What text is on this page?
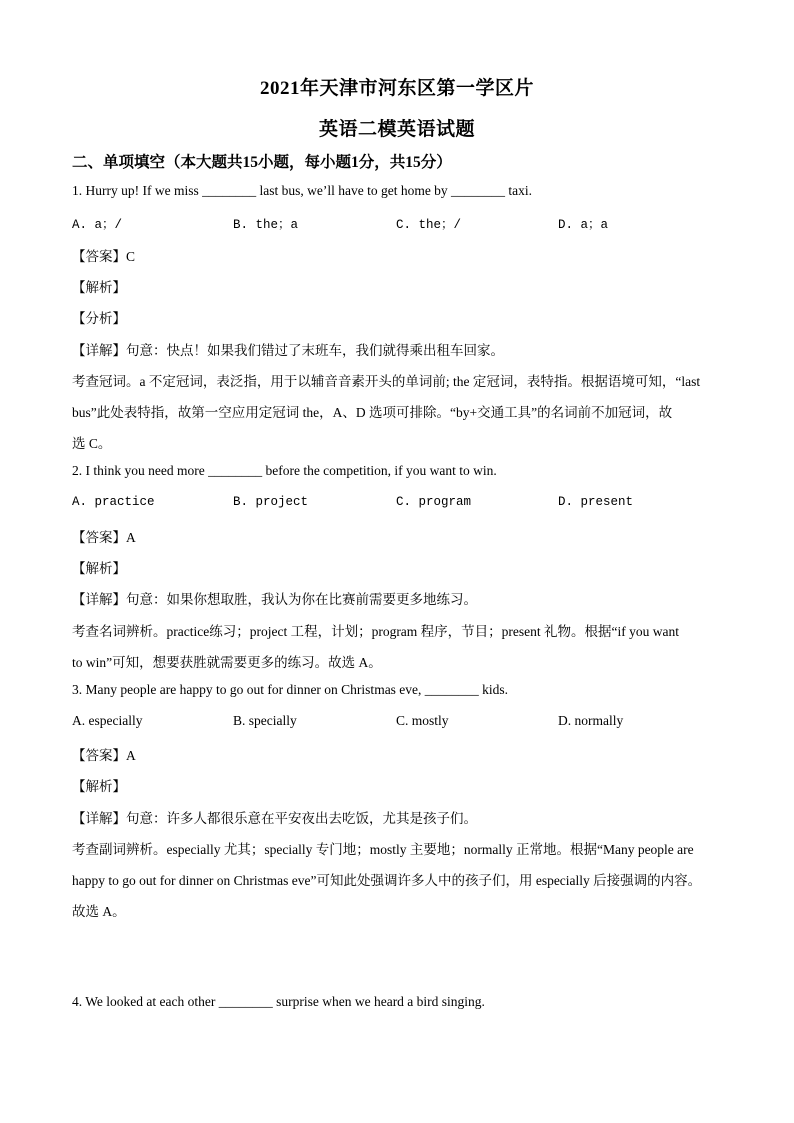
2021年天津市河东区第一学区片
英语二模英语试题
二、单项填空（本大题共15小题，每小题1分，共15分）
1. Hurry up! If we miss ________ last bus, we’ll have to get home by ________ taxi.
A. a；/	B. the；a	C. the；/	D. a；a
【答案】C
【解析】
【分析】
【详解】句意：快点！如果我们错过了末班车，我们就得乘出租车回家。
考查冠词。a 不定冠词，表泛指，用于以辅音音素开头的单词前; the 定冠词，表特指。根据语境可知，“last
bus”此处表特指，故第一空应用定冠词 the，A、D 选项可排除。“by+交通工具”的名词前不加冠词，故
选 C。
2. I think you need more ________ before the competition, if you want to win.
A. practice	B. project	C. program	D. present
【答案】A
【解析】
【详解】句意：如果你想取胜，我认为你在比赛前需要更多地练习。
考查名词辨析。practice练习；project 工程，计划；program 程序，节目；present 礼物。根据“if you want
to win”可知，想要获胜就需要更多的练习。故选 A。
3. Many people are happy to go out for dinner on Christmas eve, ________ kids.
A. especially	B. specially	C. mostly	D. normally
【答案】A
【解析】
【详解】句意：许多人都很乐意在平安夜出去吃饭，尤其是孩子们。
考查副词辨析。especially 尤其；specially 专门地；mostly 主要地；normally 正常地。根据“Many people are
happy to go out for dinner on Christmas eve”可知此处强调许多人中的孩子们，用 especially 后接强调的内容。
故选 A。
4. We looked at each other ________ surprise when we heard a bird singing.
